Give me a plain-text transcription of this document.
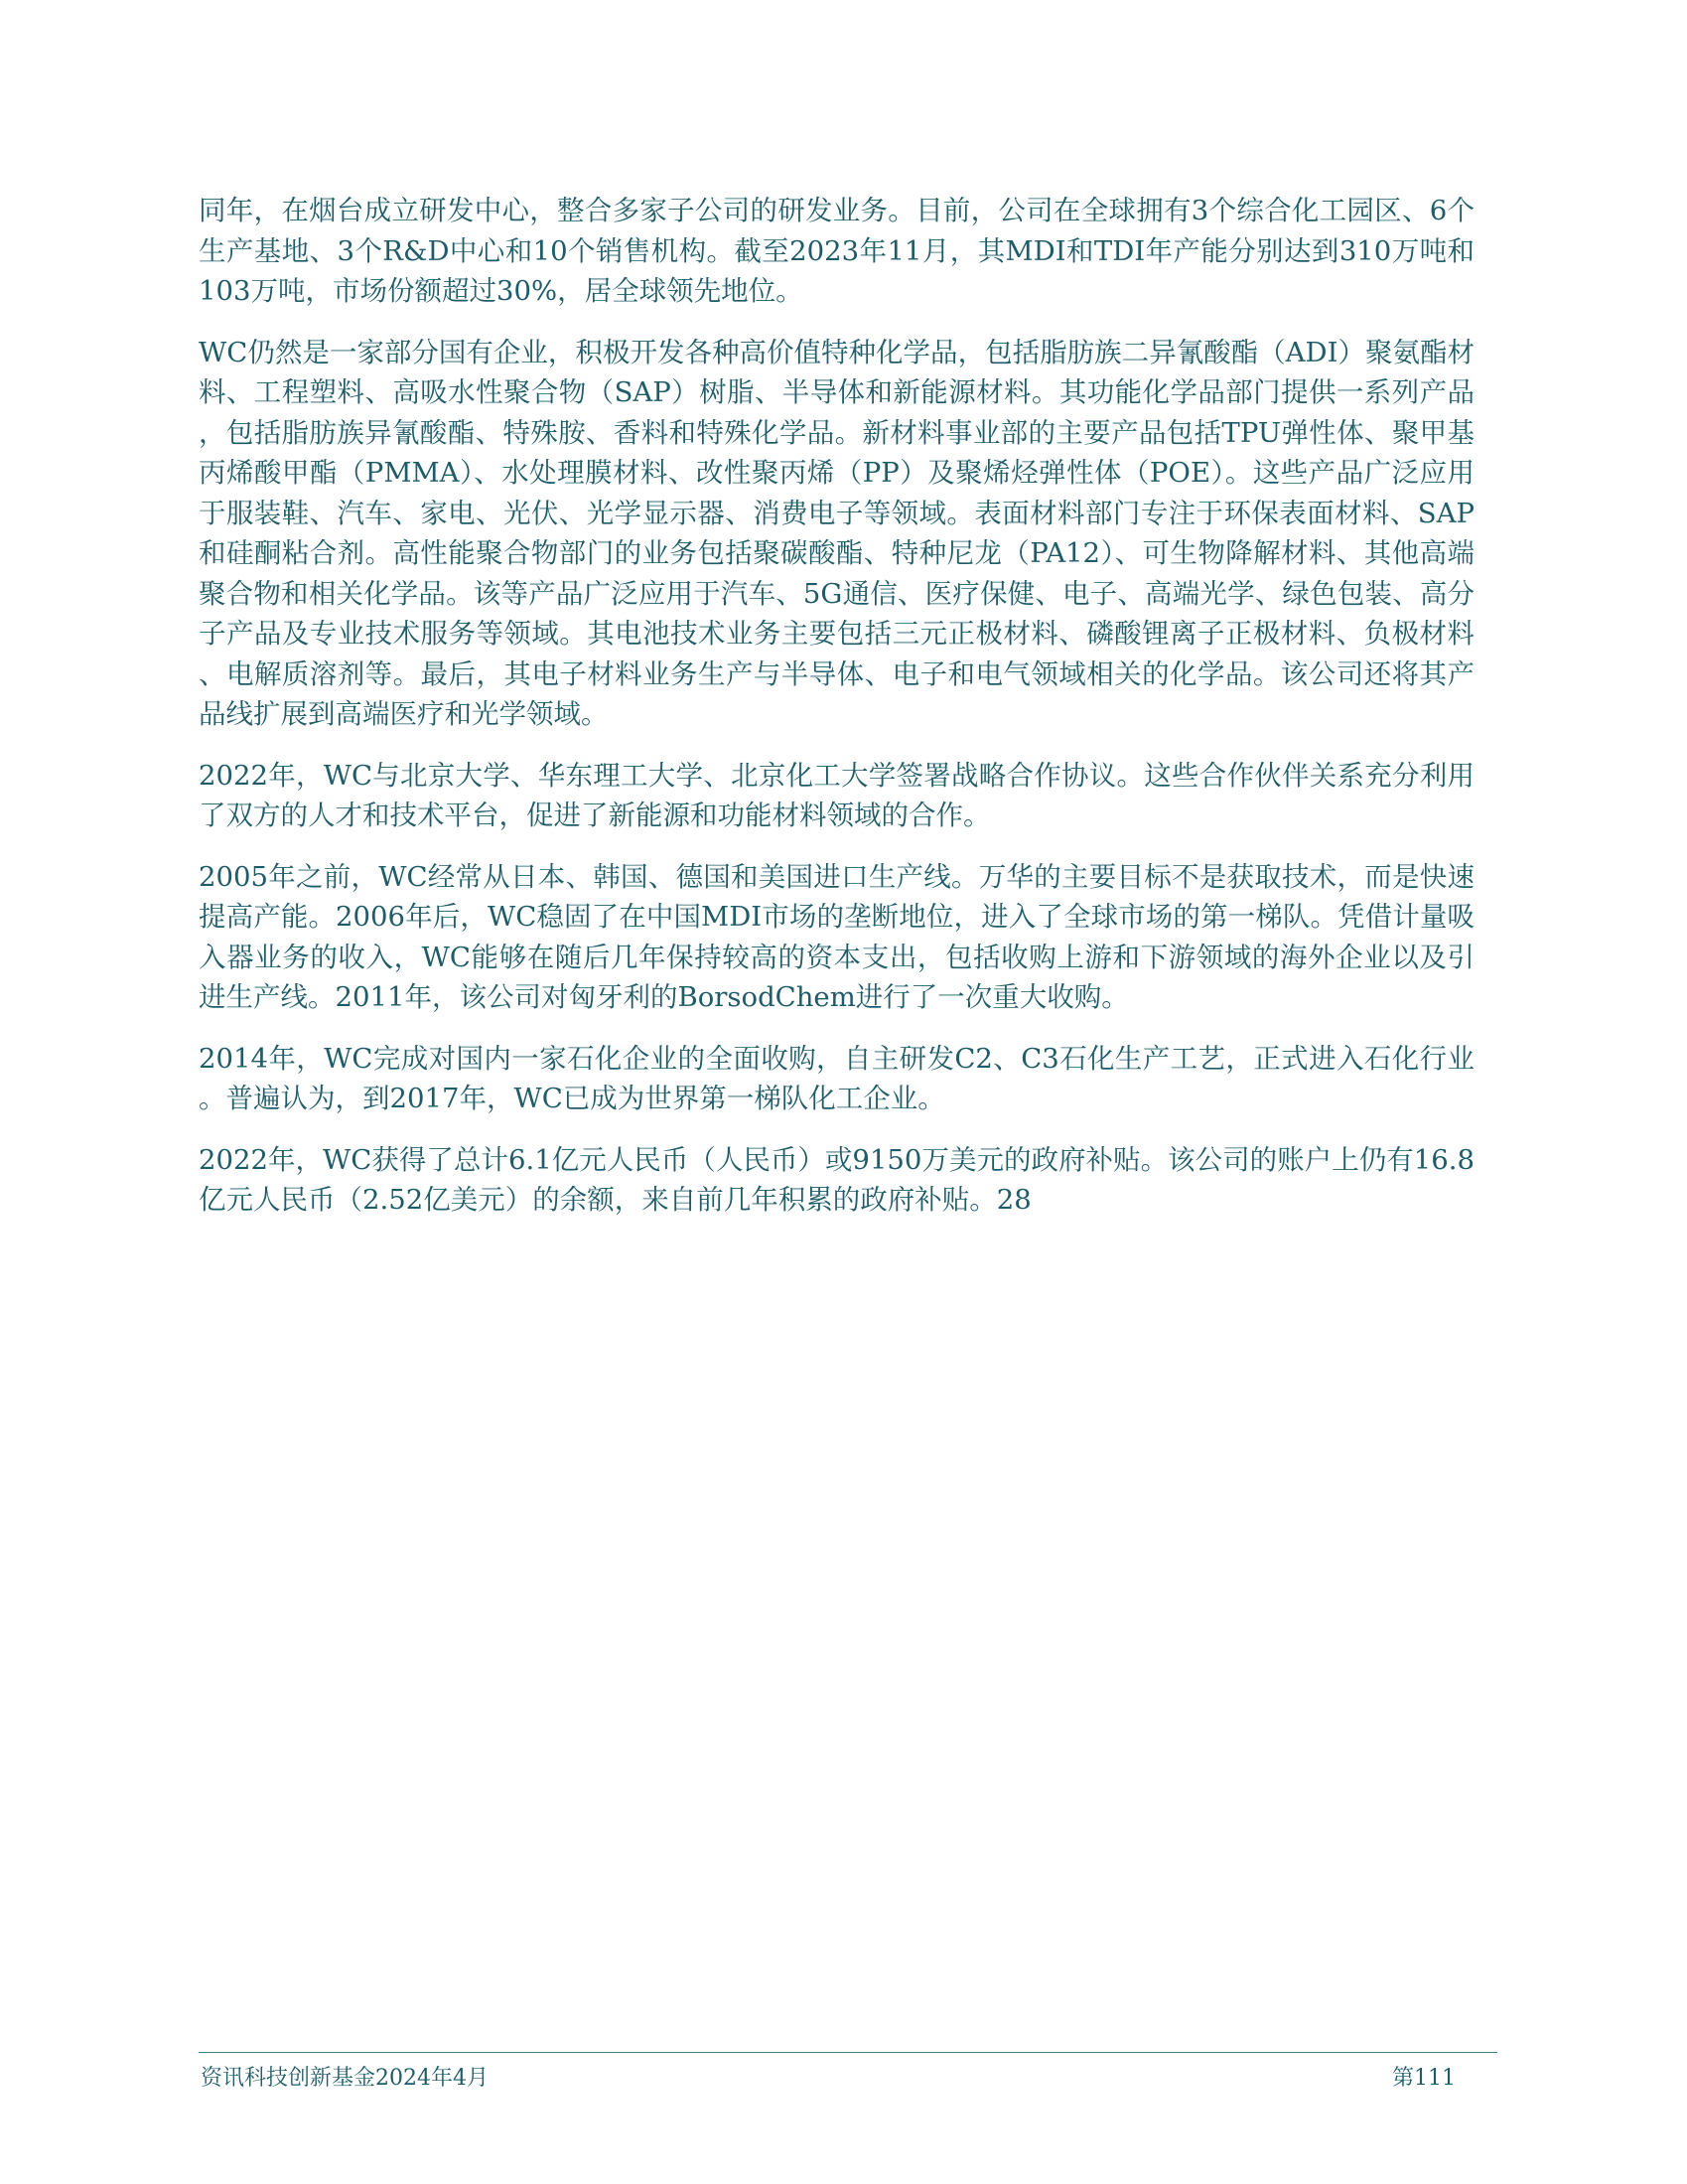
同年，在烟台成立研发中心，整合多家子公司的研发业务。目前，公司在全球拥有3个综合化工园区、6个生产基地、3个R&D中心和10个销售机构。截至2023年11月，其MDI和TDI年产能分别达到310万吨和103万吨，市场份额超过30%，居全球领先地位。

WC仍然是一家部分国有企业，积极开发各种高价值特种化学品，包括脂肪族二异氰酸酯（ADI）聚氨酯材料、工程塑料、高吸水性聚合物（SAP）树脂、半导体和新能源材料。其功能化学品部门提供一系列产品，包括脂肪族异氰酸酯、特殊胺、香料和特殊化学品。新材料事业部的主要产品包括TPU弹性体、聚甲基丙烯酸甲酯（PMMA）、水处理膜材料、改性聚丙烯（PP）及聚烯烃弹性体（POE）。这些产品广泛应用于服装鞋、汽车、家电、光伏、光学显示器、消费电子等领域。表面材料部门专注于环保表面材料、SAP和硅酮粘合剂。高性能聚合物部门的业务包括聚碳酸酯、特种尼龙（PA12）、可生物降解材料、其他高端聚合物和相关化学品。该等产品广泛应用于汽车、5G通信、医疗保健、电子、高端光学、绿色包装、高分子产品及专业技术服务等领域。其电池技术业务主要包括三元正极材料、磷酸锂离子正极材料、负极材料、电解质溶剂等。最后，其电子材料业务生产与半导体、电子和电气领域相关的化学品。该公司还将其产品线扩展到高端医疗和光学领域。

2022年，WC与北京大学、华东理工大学、北京化工大学签署战略合作协议。这些合作伙伴关系充分利用了双方的人才和技术平台，促进了新能源和功能材料领域的合作。

2005年之前，WC经常从日本、韩国、德国和美国进口生产线。万华的主要目标不是获取技术，而是快速提高产能。2006年后，WC稳固了在中国MDI市场的垄断地位，进入了全球市场的第一梯队。凭借计量吸入器业务的收入，WC能够在随后几年保持较高的资本支出，包括收购上游和下游领域的海外企业以及引进生产线。2011年，该公司对匈牙利的BorsodChem进行了一次重大收购。

2014年，WC完成对国内一家石化企业的全面收购，自主研发C2、C3石化生产工艺，正式进入石化行业。普遍认为，到2017年，WC已成为世界第一梯队化工企业。

2022年，WC获得了总计6.1亿元人民币（人民币）或9150万美元的政府补贴。该公司的账户上仍有16.8亿元人民币（2.52亿美元）的余额，来自前几年积累的政府补贴。28

资讯科技创新基金2024年4月	第111
